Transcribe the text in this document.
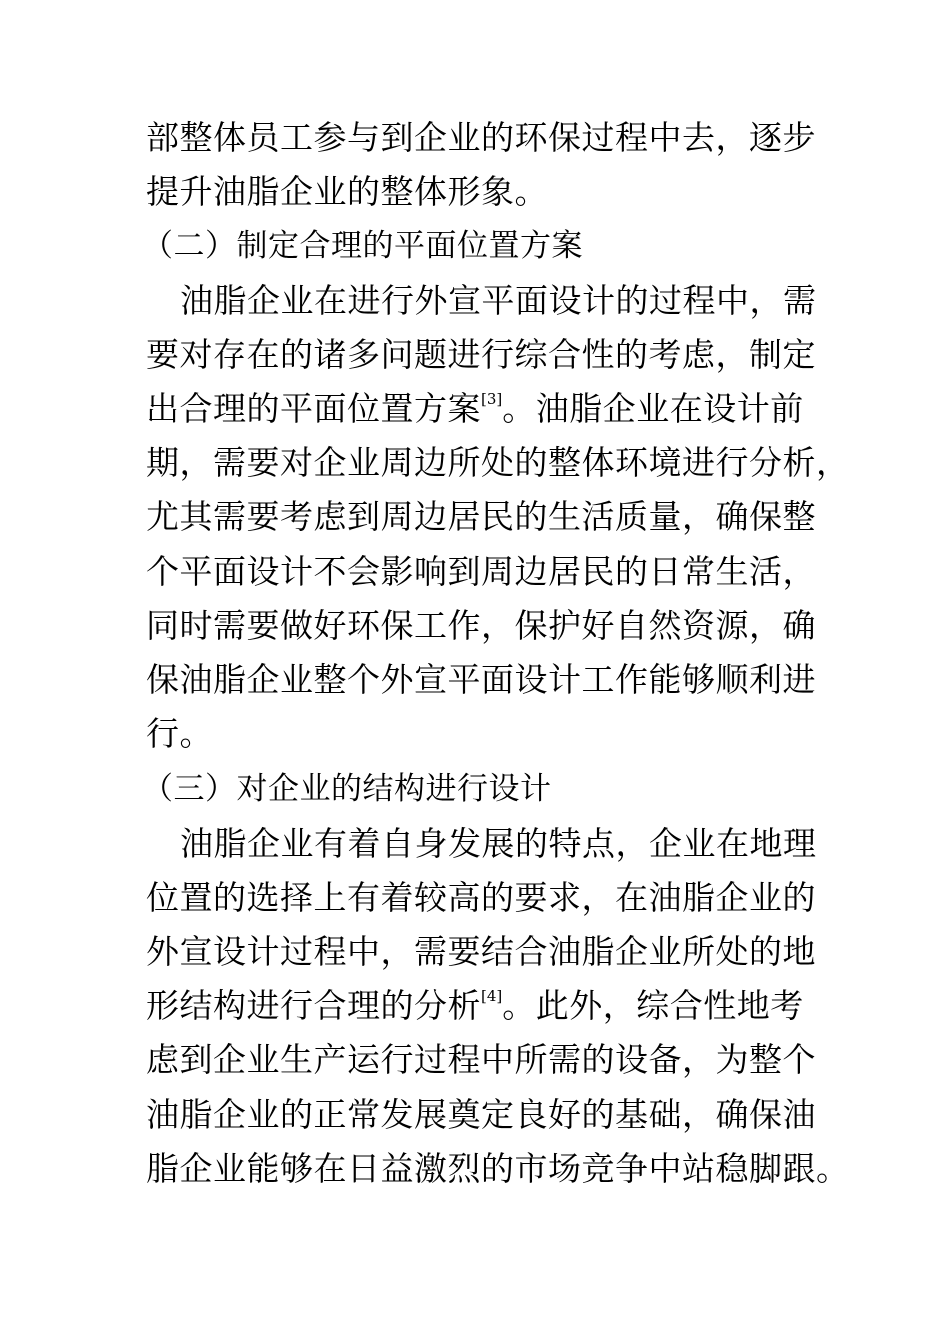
部整体员工参与到企业的环保过程中去，逐步
提升油脂企业的整体形象。
（二）制定合理的平面位置方案
油脂企业在进行外宣平面设计的过程中，需
要对存在的诸多问题进行综合性的考虑，制定
出合理的平面位置方案[3]。油脂企业在设计前
期，需要对企业周边所处的整体环境进行分析，
尤其需要考虑到周边居民的生活质量，确保整
个平面设计不会影响到周边居民的日常生活，
同时需要做好环保工作，保护好自然资源，确
保油脂企业整个外宣平面设计工作能够顺利进
行。
（三）对企业的结构进行设计
油脂企业有着自身发展的特点，企业在地理
位置的选择上有着较高的要求，在油脂企业的
外宣设计过程中，需要结合油脂企业所处的地
形结构进行合理的分析[4]。此外，综合性地考
虑到企业生产运行过程中所需的设备，为整个
油脂企业的正常发展奠定良好的基础，确保油
脂企业能够在日益激烈的市场竞争中站稳脚跟。
